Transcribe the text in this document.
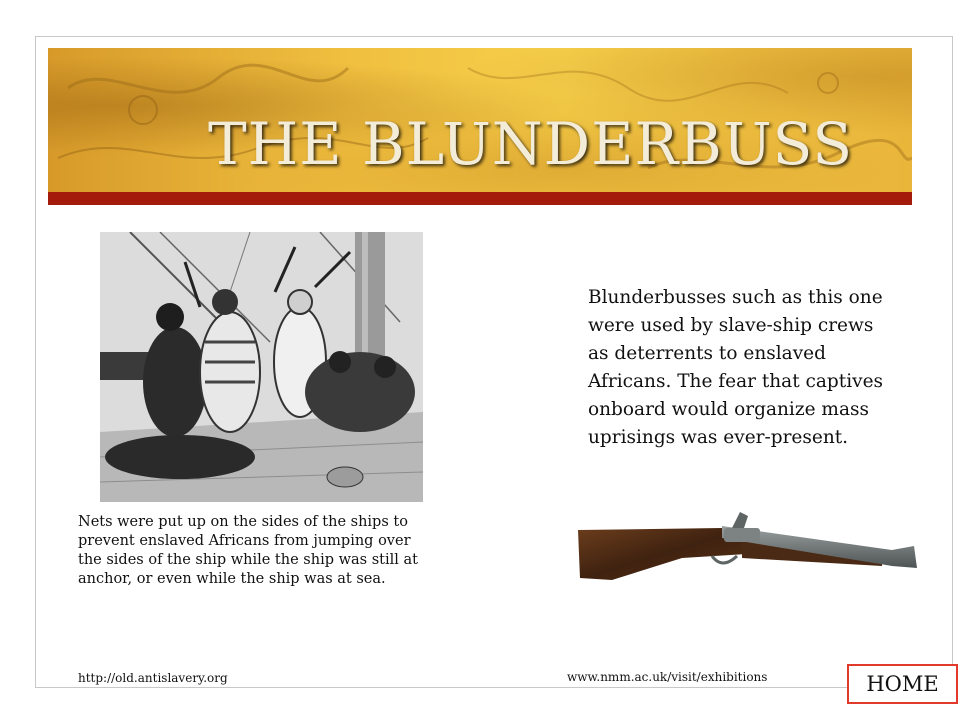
THE BLUNDERBUSS
Nets were put up on the sides of the ships to prevent enslaved Africans from jumping over the sides of the ship while the ship was still at anchor, or even while the ship was at sea.
Blunderbusses such as this one were used by slave-ship crews as deterrents to enslaved Africans. The fear that captives onboard would organize mass uprisings was ever-present.
http://old.antislavery.org	www.nmm.ac.uk/visit/exhibitions	HOME
